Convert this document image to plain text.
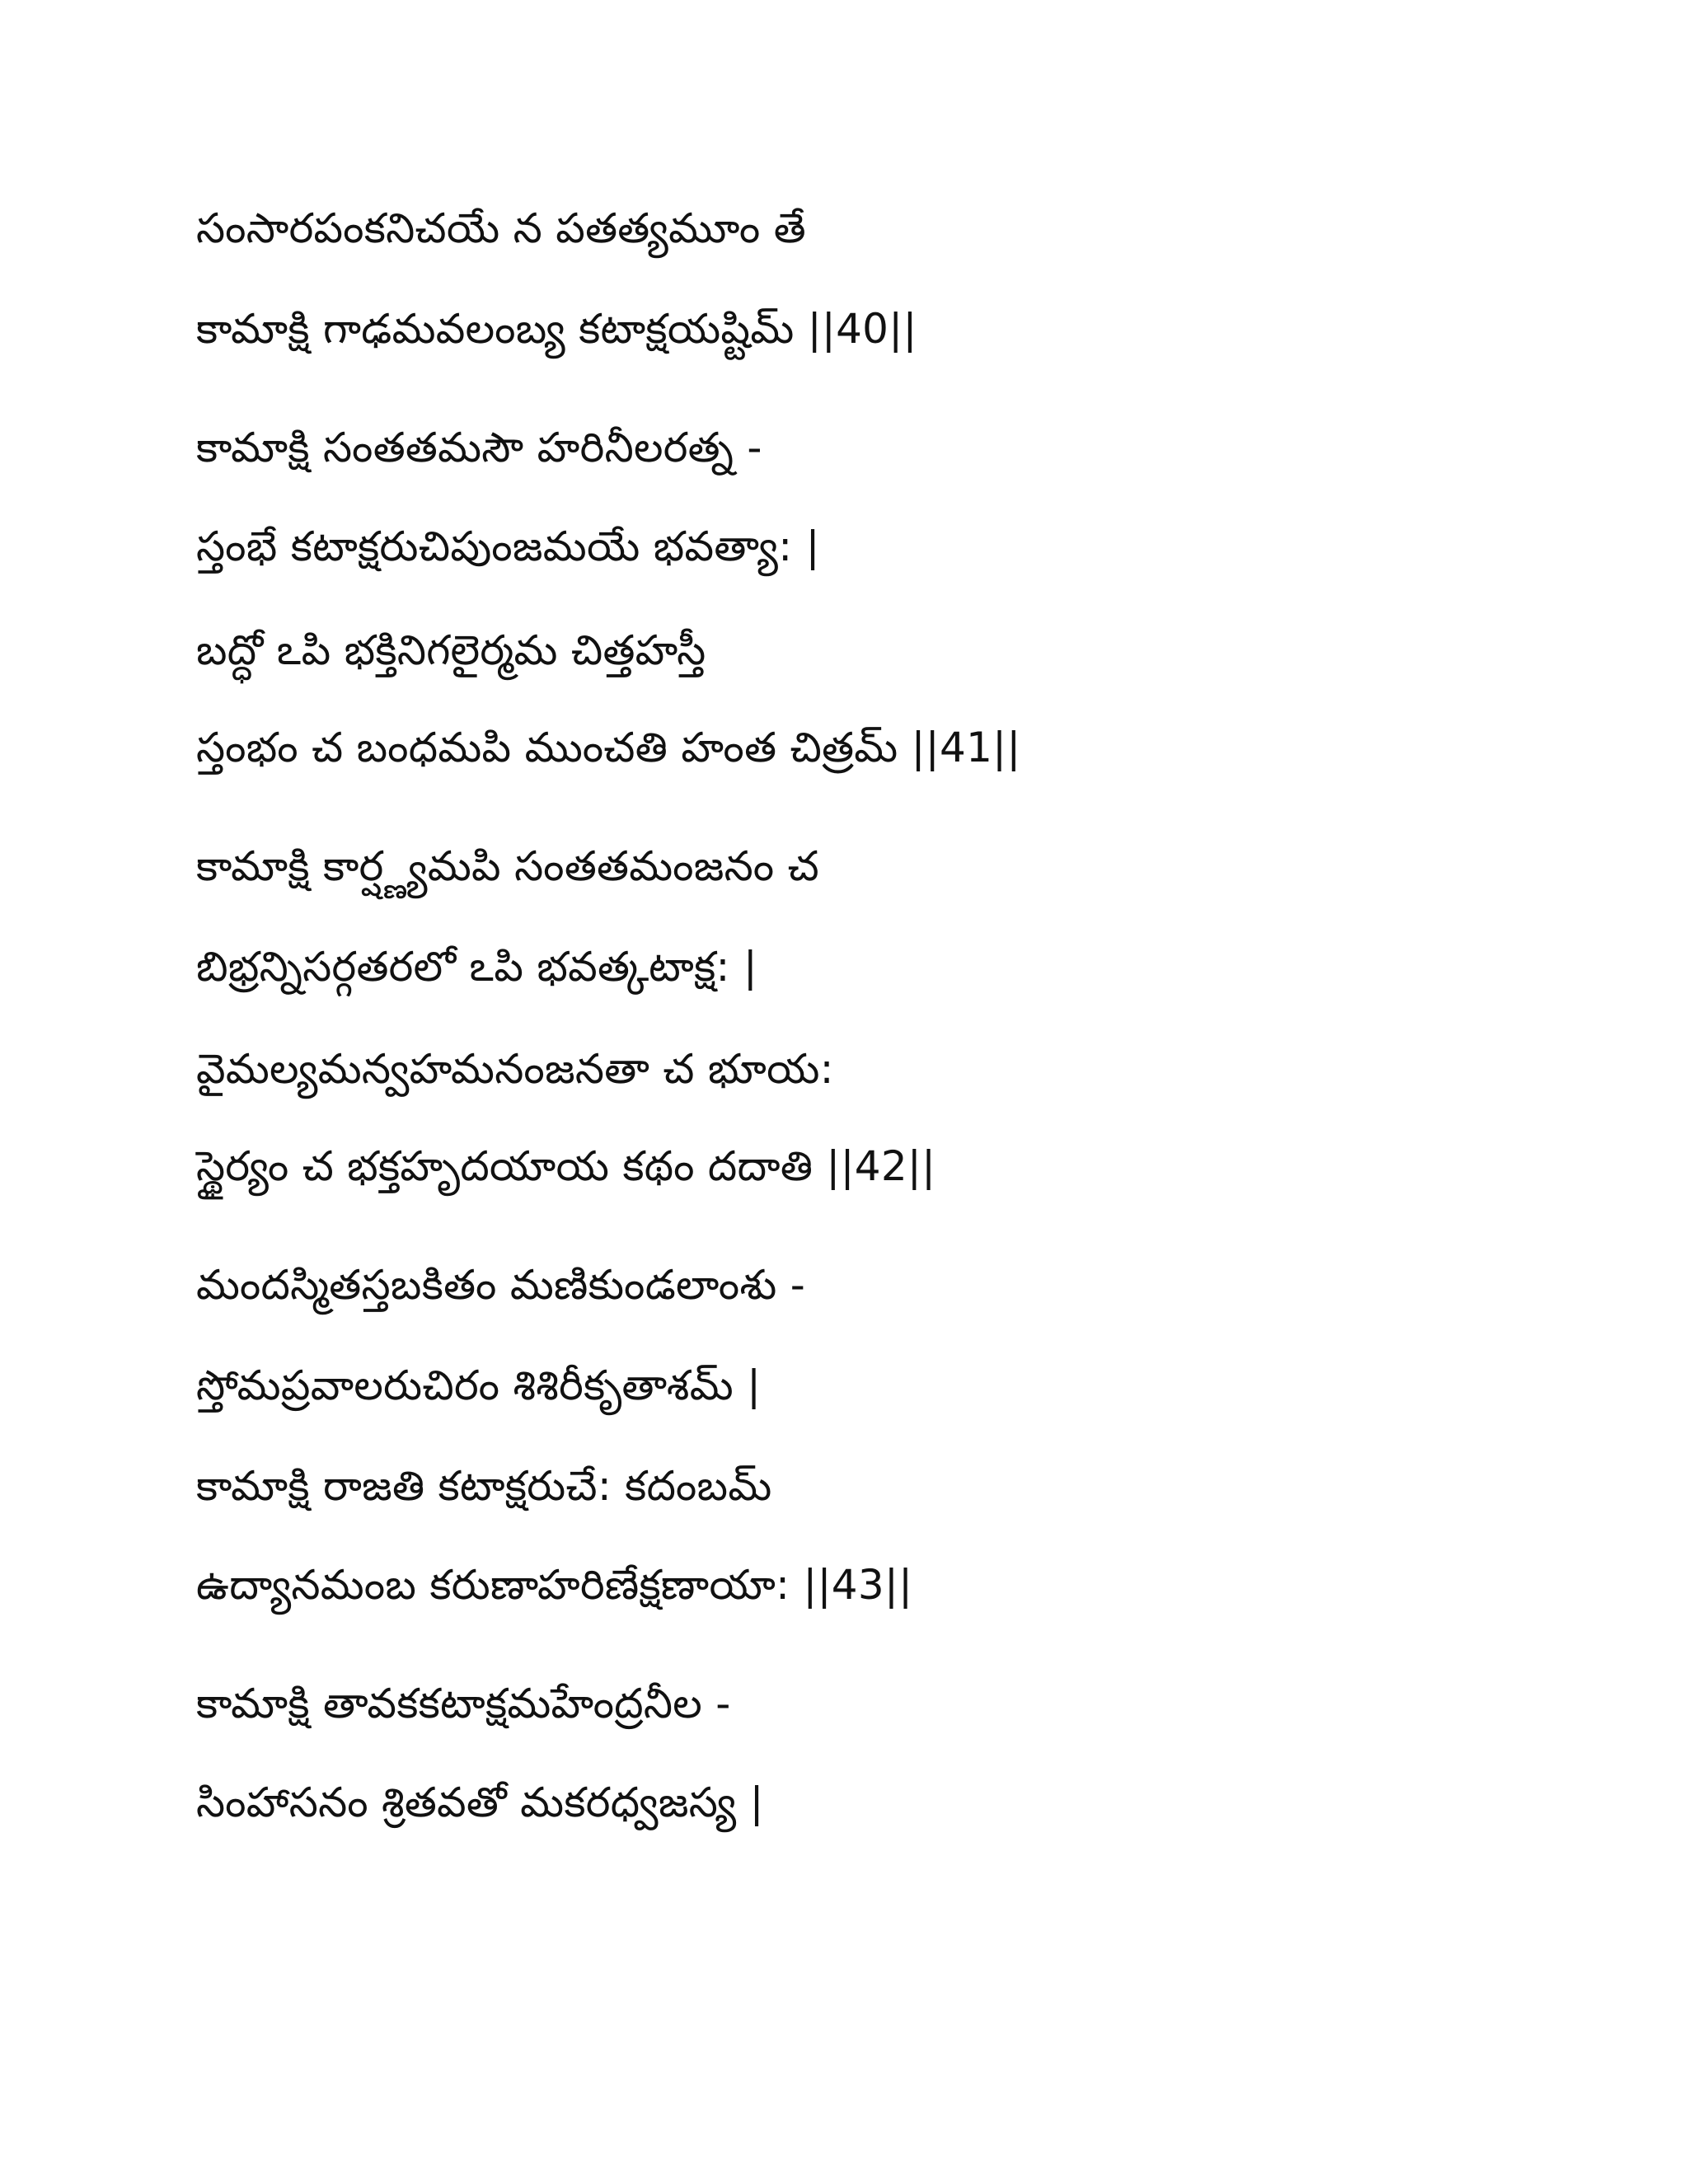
సంసారపంకనిచయే న పతత్యమూం తే
కామాక్షి గాఢమవలంబ్య కటాక్షయష్టిమ్ ||40||
కామాక్షి సంతతమసౌ హరినీలరత్న -
స్తంభే కటాక్షరుచిపుంజమయే భవత్యా: |
బద్ధో ఽపి భక్తినిగలైర్మమ చిత్తహస్తీ
స్తంభం చ బంధమపి ముంచతి హంత చిత్రమ్ ||41||
కామాక్షి కార్ష్ణ్యమపి సంతతమంజనం చ
బిభ్రన్నిసర్గతరలో ఽపి భవత్కటాక్ష: |
వైమల్యమన్వహమనంజనతా చ భూయ:
స్థైర్యం చ భక్తహృదయాయ కథం దదాతి ||42||
మందస్మితస్తబకితం మణికుండలాంశు -
స్తోమప్రవాలరుచిరం శిశిరీకృతాశమ్ |
కామాక్షి రాజతి కటాక్షరుచే: కదంబమ్
ఉద్యానమంబ కరుణాహరిణేక్షణాయా: ||43||
కామాక్షి తావకకటాక్షమహేంద్రనీల -
సింహాసనం శ్రితవతో మకరధ్వజస్య |
